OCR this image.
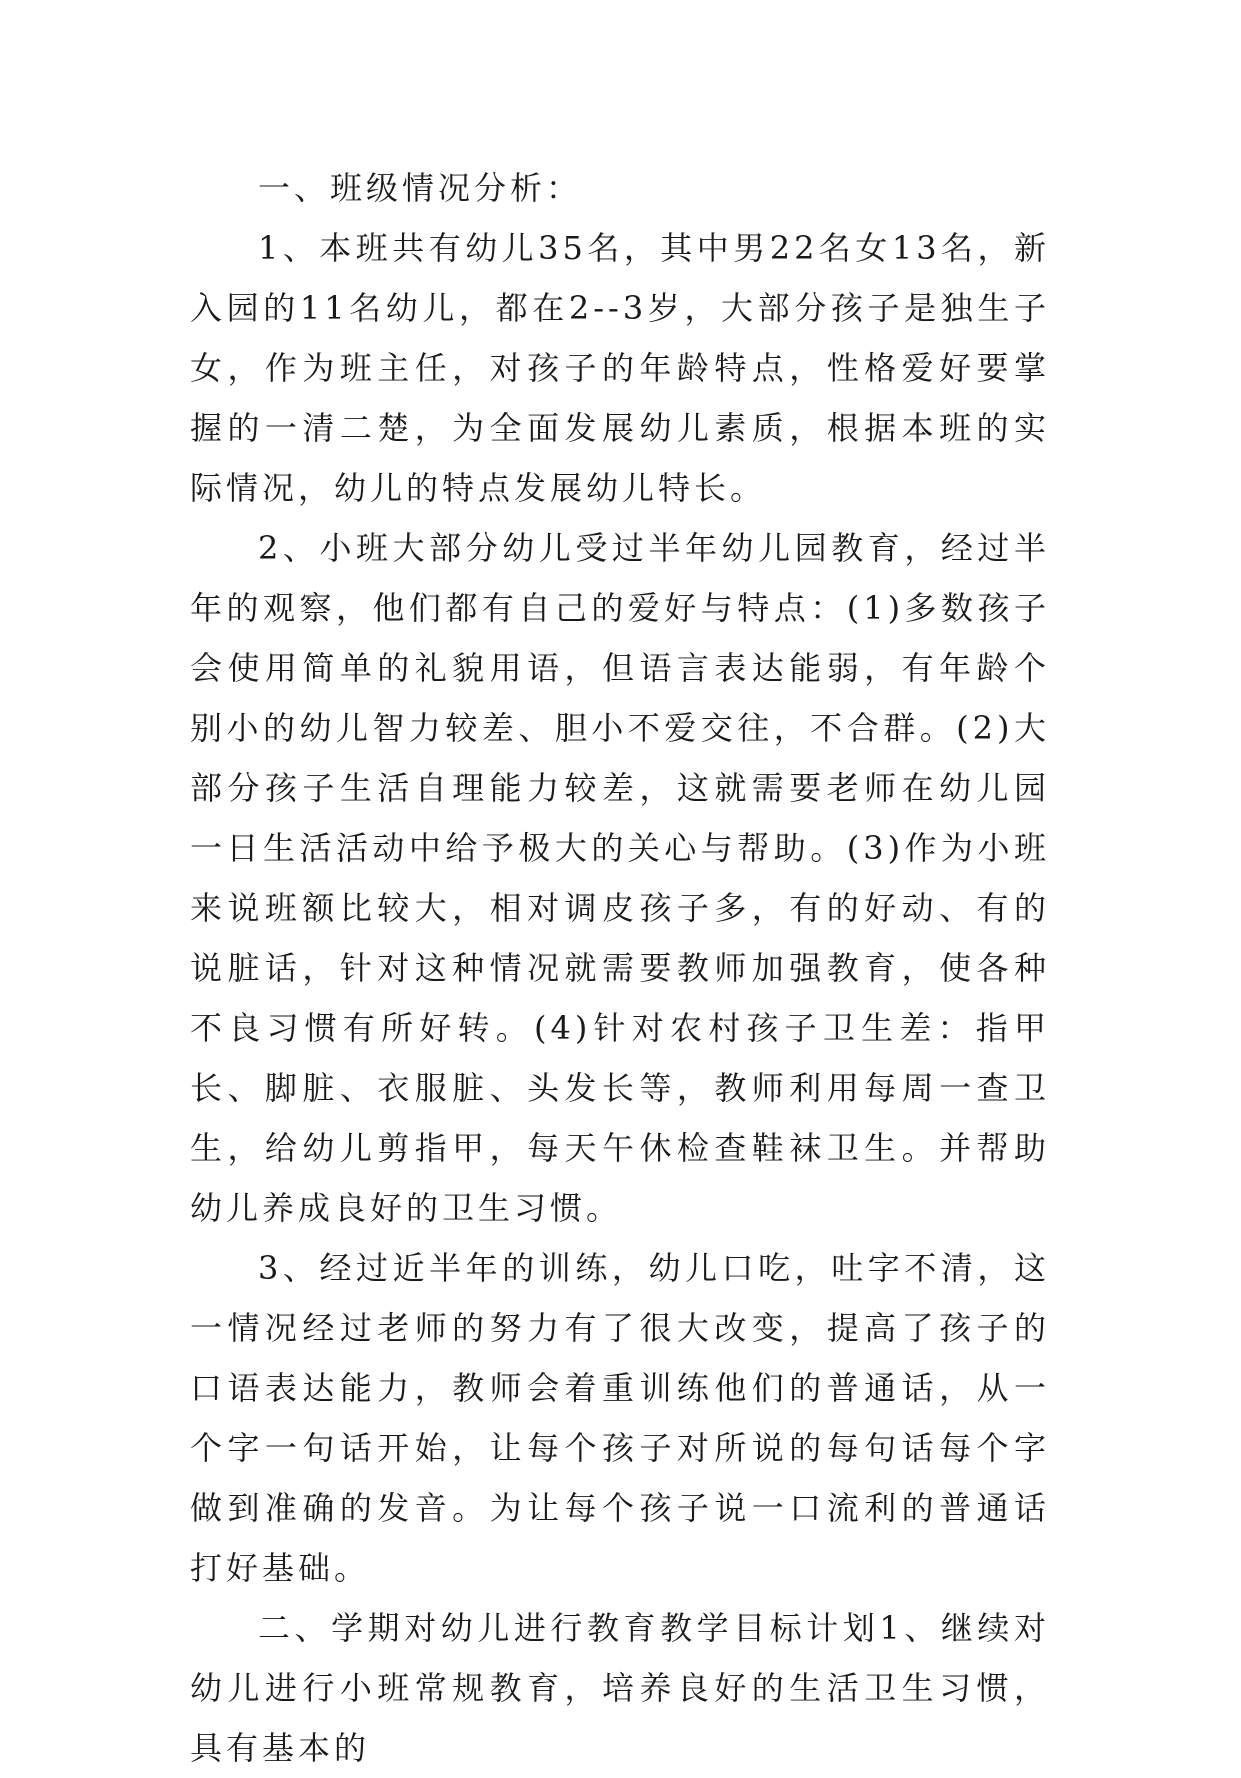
一、班级情况分析：

1、本班共有幼儿35名，其中男22名女13名，新入园的11名幼儿，都在2--3岁，大部分孩子是独生子女，作为班主任，对孩子的年龄特点，性格爱好要掌握的一清二楚，为全面发展幼儿素质，根据本班的实际情况，幼儿的特点发展幼儿特长。

2、小班大部分幼儿受过半年幼儿园教育，经过半年的观察，他们都有自己的爱好与特点：(1)多数孩子会使用简单的礼貌用语，但语言表达能弱，有年龄个别小的幼儿智力较差、胆小不爱交往，不合群。(2)大部分孩子生活自理能力较差，这就需要老师在幼儿园一日生活活动中给予极大的关心与帮助。(3)作为小班来说班额比较大，相对调皮孩子多，有的好动、有的说脏话，针对这种情况就需要教师加强教育，使各种不良习惯有所好转。(4)针对农村孩子卫生差：指甲长、脚脏、衣服脏、头发长等，教师利用每周一查卫生，给幼儿剪指甲，每天午休检查鞋袜卫生。并帮助幼儿养成良好的卫生习惯。

3、经过近半年的训练，幼儿口吃，吐字不清，这一情况经过老师的努力有了很大改变，提高了孩子的口语表达能力，教师会着重训练他们的普通话，从一个字一句话开始，让每个孩子对所说的每句话每个字做到准确的发音。为让每个孩子说一口流利的普通话打好基础。

二、学期对幼儿进行教育教学目标计划1、继续对幼儿进行小班常规教育，培养良好的生活卫生习惯，具有基本的
